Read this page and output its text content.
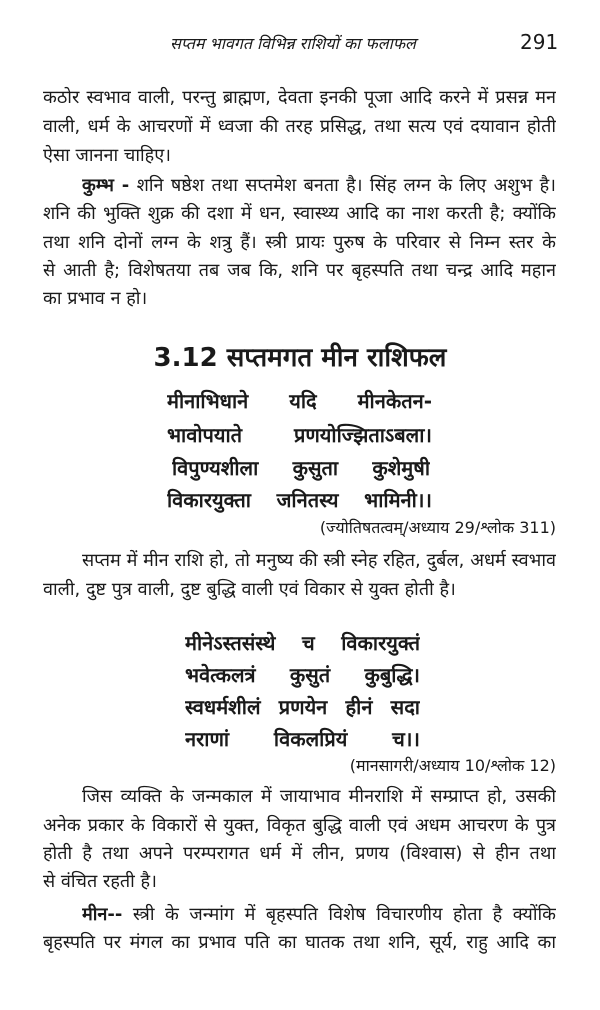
सप्तम भावगत विभिन्न राशियों का फलाफल	291
कठोर स्वभाव वाली, परन्तु ब्राह्मण, देवता इनकी पूजा आदि करने में प्रसन्न मन
वाली, धर्म के आचरणों में ध्वजा की तरह प्रसिद्ध, तथा सत्य एवं दयावान होती
ऐसा जानना चाहिए।
कुम्भ - शनि षष्ठेश तथा सप्तमेश बनता है। सिंह लग्न के लिए अशुभ है।
शनि की भुक्ति शुक्र की दशा में धन, स्वास्थ्य आदि का नाश करती है; क्योंकि
तथा शनि दोनों लग्न के शत्रु हैं। स्त्री प्रायः पुरुष के परिवार से निम्न स्तर के
से आती है; विशेषतया तब जब कि, शनि पर बृहस्पति तथा चन्द्र आदि महान
का प्रभाव न हो।
3.12 सप्तमगत मीन राशिफल
मीनाभिधाने यदि मीनकेतन-
भावोपयाते प्रणयोज्झिताऽबला।
विपुण्यशीला कुसुता कुशेमुषी
विकारयुक्ता जनितस्य भामिनी।।
(ज्योतिषतत्वम्/अध्याय 29/श्लोक 311)
सप्तम में मीन राशि हो, तो मनुष्य की स्त्री स्नेह रहित, दुर्बल, अधर्म स्वभाव
वाली, दुष्ट पुत्र वाली, दुष्ट बुद्धि वाली एवं विकार से युक्त होती है।
मीनेऽस्तसंस्थे च विकारयुक्तं
भवेत्कलत्रं कुसुतं कुबुद्धि।
स्वधर्मशीलं प्रणयेन हीनं सदा
नराणां विकलप्रियं च।।
(मानसागरी/अध्याय 10/श्लोक 12)
जिस व्यक्ति के जन्मकाल में जायाभाव मीनराशि में सम्प्राप्त हो, उसकी
अनेक प्रकार के विकारों से युक्त, विकृत बुद्धि वाली एवं अधम आचरण के पुत्र
होती है तथा अपने परम्परागत धर्म में लीन, प्रणय (विश्वास) से हीन तथा
से वंचित रहती है।
मीन-- स्त्री के जन्मांग में बृहस्पति विशेष विचारणीय होता है क्योंकि
बृहस्पति पर मंगल का प्रभाव पति का घातक तथा शनि, सूर्य, राहु आदि का
